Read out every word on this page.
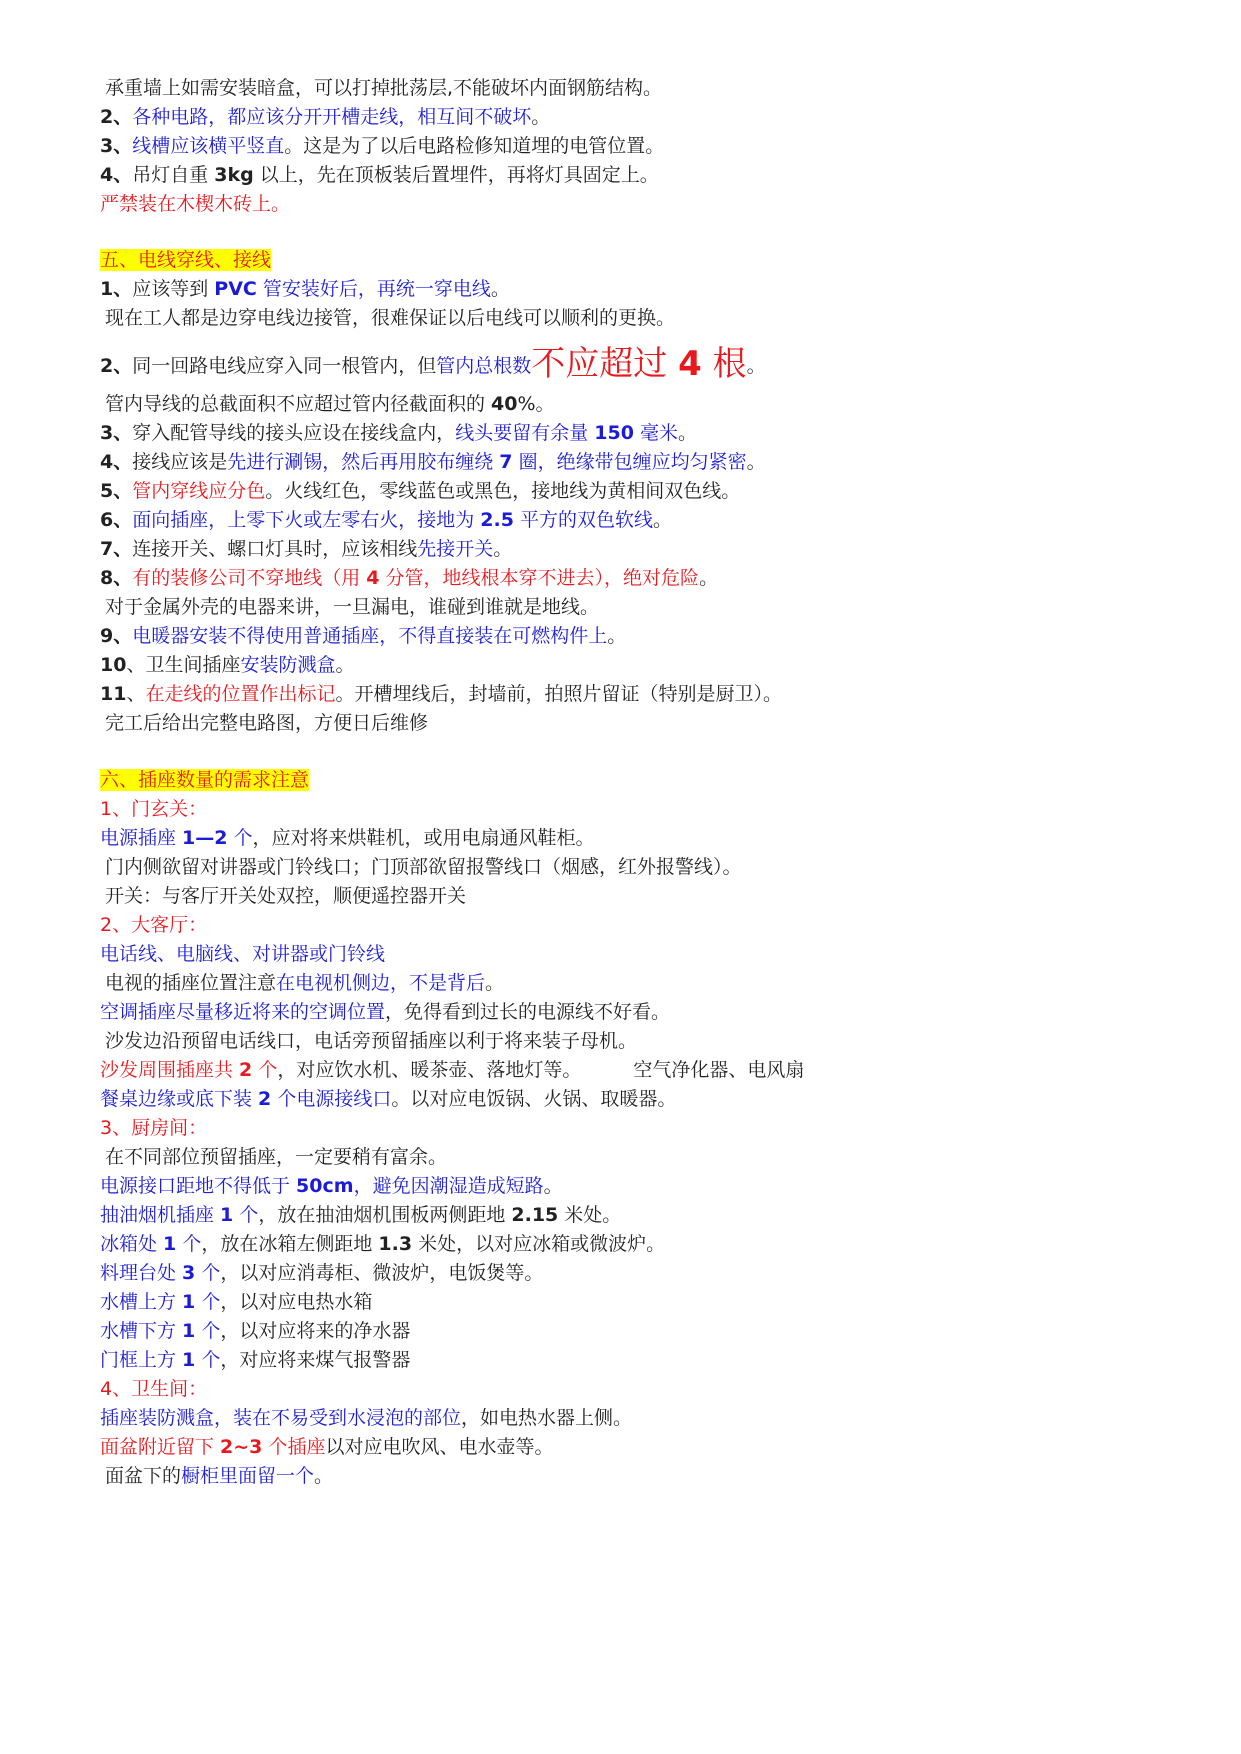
承重墙上如需安装暗盒，可以打掉批荡层,不能破坏内面钢筋结构。

2、各种电路，都应该分开开槽走线，相互间不破坏。

3、线槽应该横平竖直。这是为了以后电路检修知道埋的电管位置。

4、吊灯自重 3kg 以上，先在顶板装后置埋件，再将灯具固定上。

严禁装在木楔木砖上。

五、电线穿线、接线

1、应该等到 PVC 管安装好后，再统一穿电线。

现在工人都是边穿电线边接管，很难保证以后电线可以顺利的更换。

2、同一回路电线应穿入同一根管内，但管内总根数不应超过 4 根。

管内导线的总截面积不应超过管内径截面积的 40%。

3、穿入配管导线的接头应设在接线盒内，线头要留有余量 150 毫米。

4、接线应该是先进行涮锡，然后再用胶布缠绕 7 圈，绝缘带包缠应均匀紧密。

5、管内穿线应分色。火线红色，零线蓝色或黑色，接地线为黄相间双色线。

6、面向插座，上零下火或左零右火，接地为 2.5 平方的双色软线。

7、连接开关、螺口灯具时，应该相线先接开关。

8、有的装修公司不穿地线（用 4 分管，地线根本穿不进去），绝对危险。

对于金属外壳的电器来讲，一旦漏电，谁碰到谁就是地线。

9、电暖器安装不得使用普通插座，不得直接装在可燃构件上。

10、卫生间插座安装防溅盒。

11、在走线的位置作出标记。开槽埋线后，封墙前，拍照片留证（特别是厨卫）。

完工后给出完整电路图，方便日后维修

六、插座数量的需求注意

1、门玄关：

电源插座 1—2 个，应对将来烘鞋机，或用电扇通风鞋柜。

门内侧欲留对讲器或门铃线口；门顶部欲留报警线口（烟感，红外报警线）。

开关：与客厅开关处双控，顺便遥控器开关

2、大客厅：

电话线、电脑线、对讲器或门铃线

电视的插座位置注意在电视机侧边，不是背后。

空调插座尽量移近将来的空调位置，免得看到过长的电源线不好看。

沙发边沿预留电话线口，电话旁预留插座以利于将来装子母机。

沙发周围插座共 2 个，对应饮水机、暖茶壶、落地灯等。	空气净化器、电风扇

餐桌边缘或底下装 2 个电源接线口。以对应电饭锅、火锅、取暖器。

3、厨房间：

在不同部位预留插座，一定要稍有富余。

电源接口距地不得低于 50cm，避免因潮湿造成短路。

抽油烟机插座 1 个，放在抽油烟机围板两侧距地 2.15 米处。

冰箱处 1 个，放在冰箱左侧距地 1.3 米处，以对应冰箱或微波炉。

料理台处 3 个，以对应消毒柜、微波炉，电饭煲等。

水槽上方 1 个，以对应电热水箱

水槽下方 1 个，以对应将来的净水器

门框上方 1 个，对应将来煤气报警器

4、卫生间：

插座装防溅盒，装在不易受到水浸泡的部位，如电热水器上侧。

面盆附近留下 2~3 个插座以对应电吹风、电水壶等。

面盆下的橱柜里面留一个。
